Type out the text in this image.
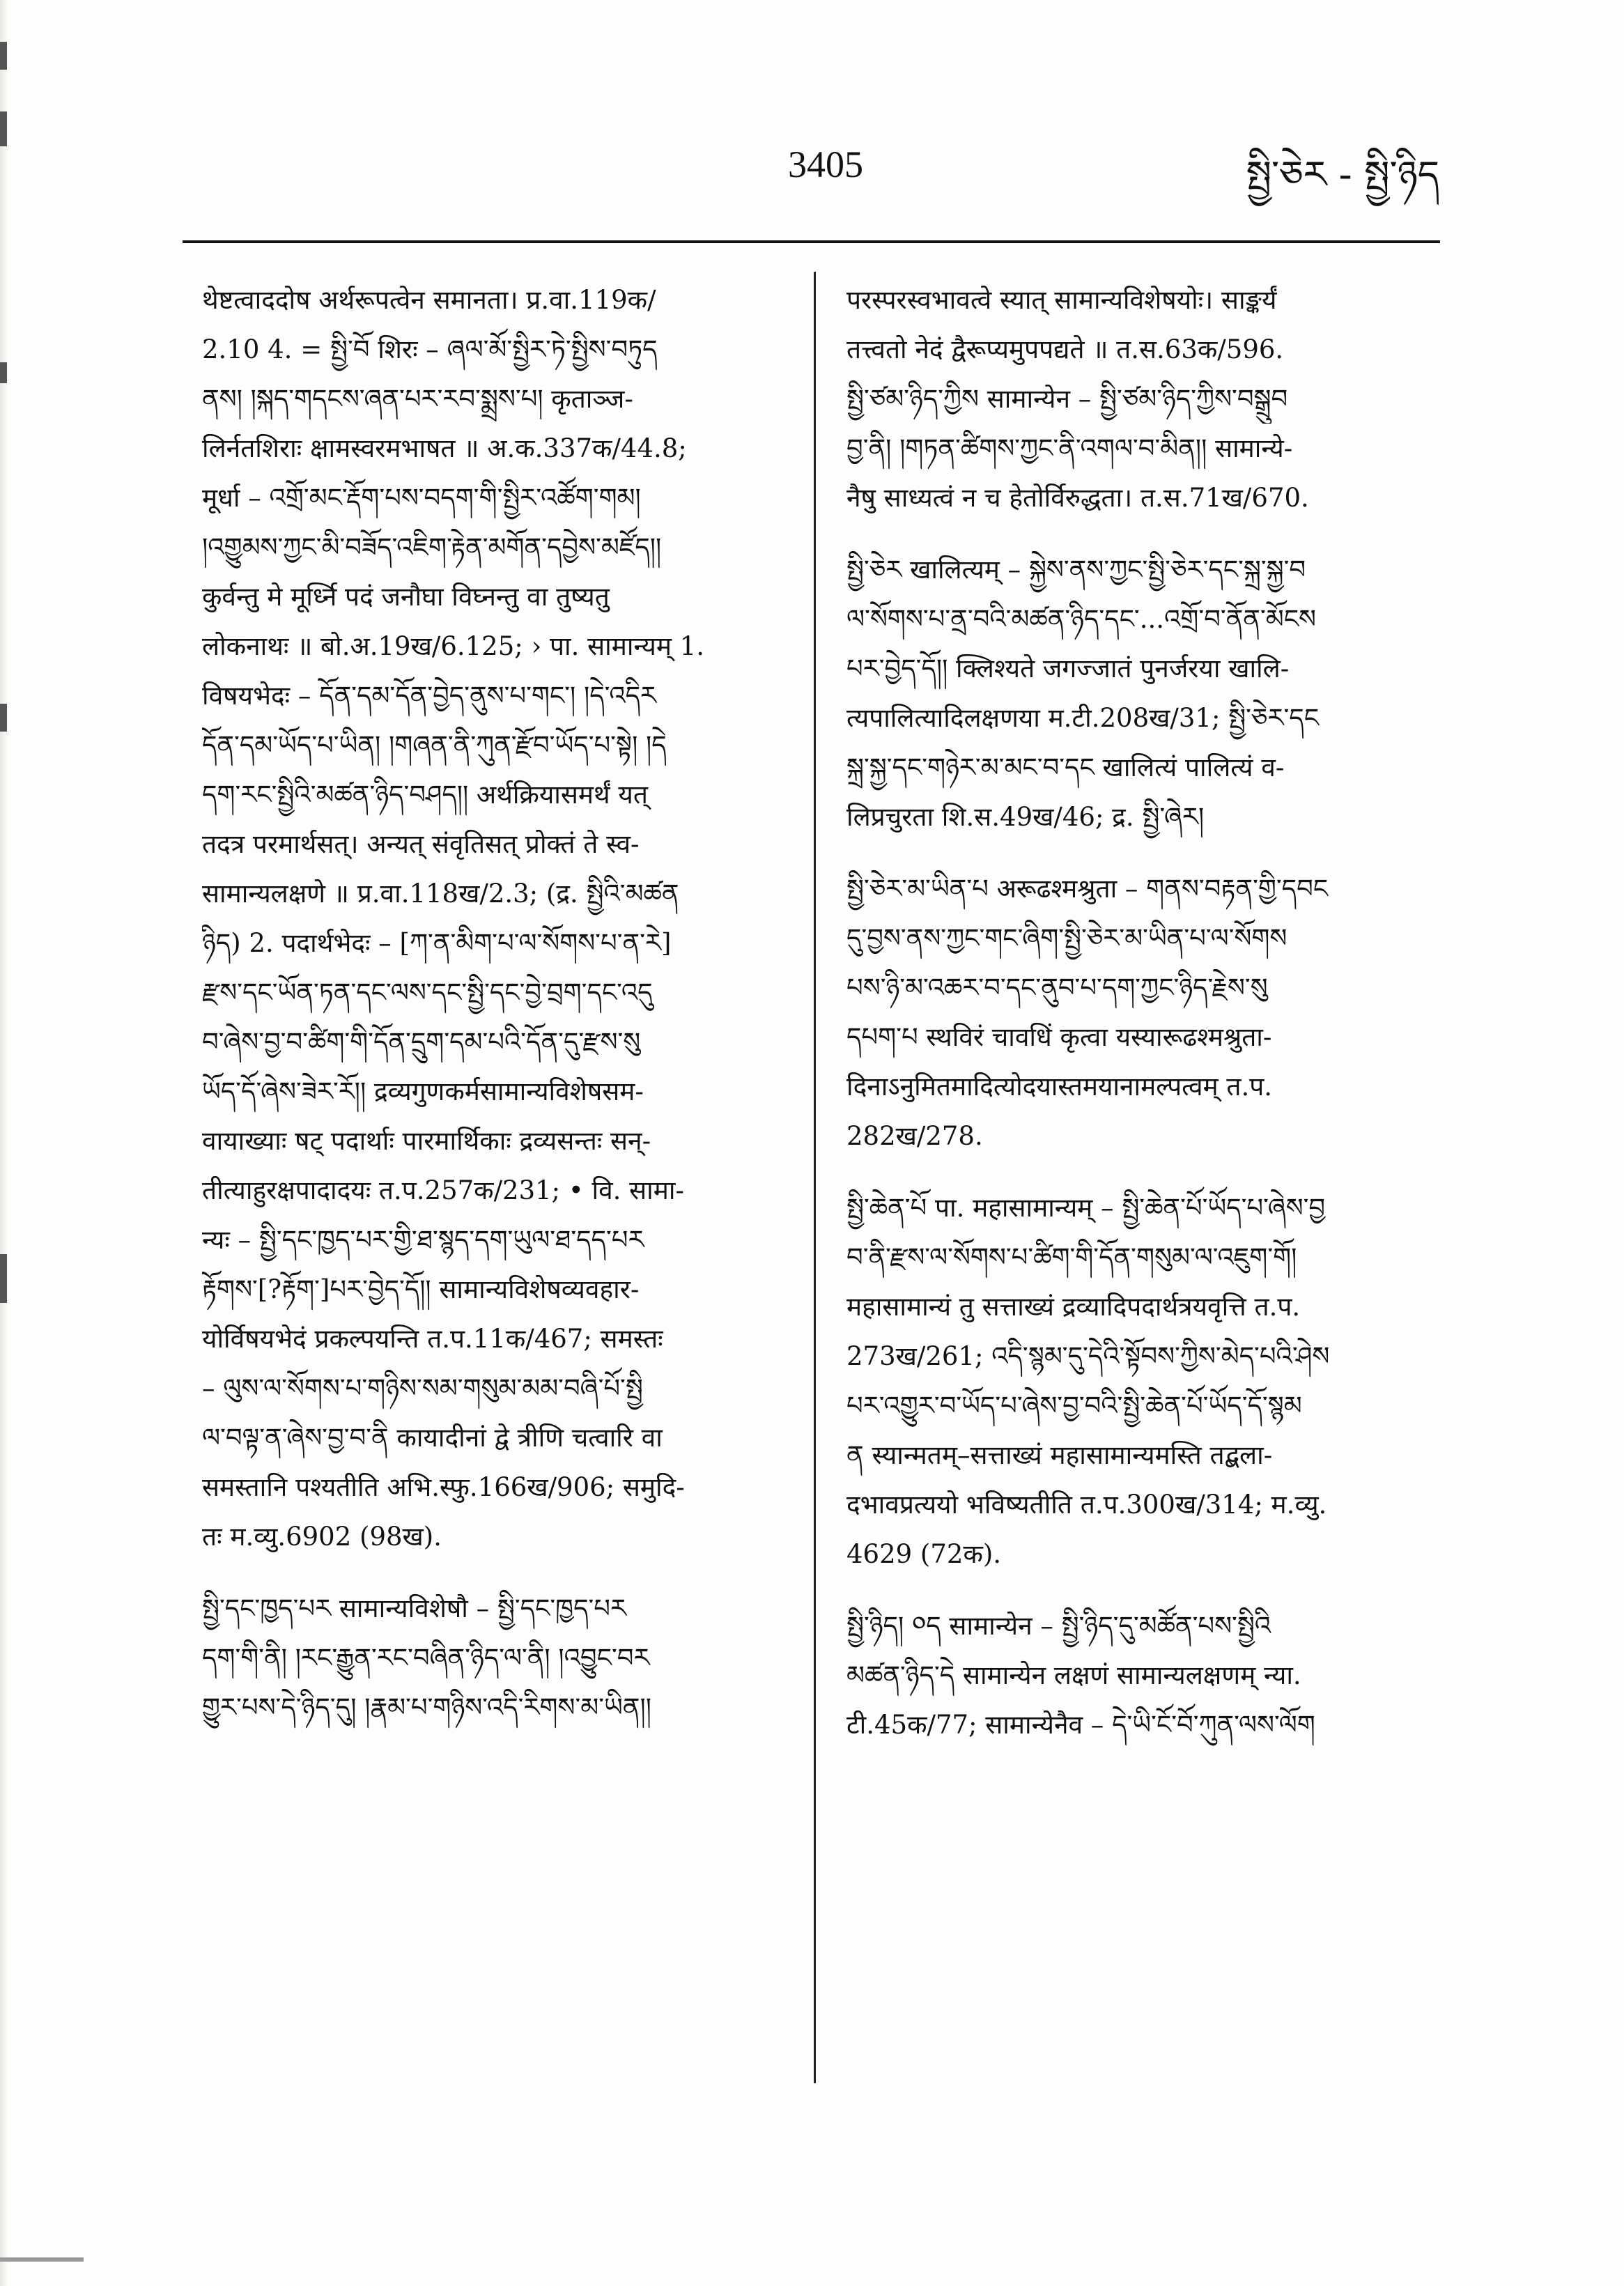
3405	སྤྱི་ཅེར - སྤྱི་ཉིད
थेष्टत्वाददोष अर्थरूपत्वेन समानता। प्र.वा.119क/
2.10 4. = སྤྱི་བོ शिरः – ཞལ་མོ་སྤྱིར་ཏེ་སྤྱིས་བཏུད
ནས། །སྐད་གདངས་ཞན་པར་རབ་སྨྲས་པ། कृताञ्ज-
लिर्नतशिराः क्षामस्वरमभाषत ॥ अ.क.337क/44.8;
मूर्धा – འགྲོ་མང་རྡོག་པས་བདག་གི་སྤྱིར་འཚོག་གམ།
།འགྱུམས་ཀྱང་མི་བཟོད་འཇིག་རྟེན་མགོན་དབྱེས་མཛོད།།
कुर्वन्तु मे मूर्ध्नि पदं जनौघा विघ्नन्तु वा तुष्यतु
लोकनाथः ॥ बो.अ.19ख/6.125; › पा. सामान्यम् 1.
विषयभेदः – དོན་དམ་དོན་བྱེད་ནུས་པ་གང་། །དེ་འདིར
དོན་དམ་ཡོད་པ་ཡིན། །གཞན་ནི་ཀུན་རྫོབ་ཡོད་པ་སྟེ། །དེ
དག་རང་སྤྱིའི་མཚན་ཉིད་བཤད།། अर्थक्रियासमर्थं यत्
तदत्र परमार्थसत्। अन्यत् संवृतिसत् प्रोक्तं ते स्व-
सामान्यलक्षणे ॥ प्र.वा.118ख/2.3; (द्र. སྤྱིའི་མཚན
ཉིད) 2. पदार्थभेदः – [ཀ་ན་མིག་པ་ལ་སོགས་པ་ན་རེ]
རྫས་དང་ཡོན་ཏན་དང་ལས་དང་སྤྱི་དང་བྱེ་བྲག་དང་འདུ
བ་ཞེས་བྱ་བ་ཚིག་གི་དོན་དྲུག་དམ་པའི་དོན་དུ་རྫས་སུ
ཡོད་དོ་ཞེས་ཟེར་རོ།། द्रव्यगुणकर्मसामान्यविशेषसम-
वायाख्याः षट् पदार्थाः पारमार्थिकाः द्रव्यसन्तः सन्-
तीत्याहुरक्षपादादयः त.प.257क/231; • वि. सामा-
न्यः – སྤྱི་དང་ཁྱད་པར་གྱི་ཐ་སྙད་དག་ཡུལ་ཐ་དད་པར
རྟོགས་[?རྟོག་]པར་བྱེད་དོ།། सामान्यविशेषव्यवहार-
योर्विषयभेदं प्रकल्पयन्ति त.प.11क/467; समस्तः
– ལུས་ལ་སོགས་པ་གཉིས་སམ་གསུམ་མམ་བཞི་པོ་སྤྱི
ལ་བལྟ་ན་ཞེས་བྱ་བ་ནི कायादीनां द्वे त्रीणि चत्वारि वा
समस्तानि पश्यतीति अभि.स्फु.166ख/906; समुदि-
तः म.व्यु.6902 (98ख).
སྤྱི་དང་ཁྱད་པར सामान्यविशेषौ – སྤྱི་དང་ཁྱད་པར
དག་གི་ནི། །རང་རྒྱུན་རང་བཞིན་ཉིད་ལ་ནི། །འབྱུང་བར
གྱུར་པས་དེ་ཉིད་དུ། །རྣམ་པ་གཉིས་འདི་རིགས་མ་ཡིན།།
परस्परस्वभावत्वे स्यात् सामान्यविशेषयोः। साङ्कर्यं
तत्त्वतो नेदं द्वैरूप्यमुपपद्यते ॥ त.स.63क/596.
སྤྱི་ཙམ་ཉིད་ཀྱིས सामान्येन – སྤྱི་ཙམ་ཉིད་ཀྱིས་བསྒྲུབ
བྱ་ནི། །གཏན་ཚིགས་ཀྱང་ནི་འགལ་བ་མིན།། सामान्ये-
नैषु साध्यत्वं न च हेतोर्विरुद्धता। त.स.71ख/670.
སྤྱི་ཅེར खालित्यम् – སྐྱེས་ནས་ཀྱང་སྤྱི་ཅེར་དང་སྐྲ་སྐྱ་བ
ལ་སོགས་པ་ནྲ་བའི་མཚན་ཉིད་དང་...འགྲོ་བ་ནོན་མོངས
པར་བྱེད་དོ།། क्लिश्यते जगज्जातं पुनर्जरया खालि-
त्यपालित्यादिलक्षणया म.टी.208ख/31; སྤྱི་ཅེར་དང
སྐྲ་སྐྱ་དང་གཉེར་མ་མང་བ་དང खालित्यं पालित्यं व-
लिप्रचुरता शि.स.49ख/46; द्र. སྤྱི་ཞེར།
སྤྱི་ཅེར་མ་ཡིན་པ अरूढश्मश्रुता – གནས་བརྟན་གྱི་དབང
དུ་བྱས་ནས་ཀྱང་གང་ཞིག་སྤྱི་ཅེར་མ་ཡིན་པ་ལ་སོགས
པས་ཉི་མ་འཆར་བ་དང་ནུབ་པ་དག་ཀྱང་ཉིད་རྗེས་སུ
དཔག་པ स्थविरं चावधिं कृत्वा यस्यारूढश्मश्रुता-
दिनाऽनुमितमादित्योदयास्तमयानामल्पत्वम् त.प.
282ख/278.
སྤྱི་ཆེན་པོ पा. महासामान्यम् – སྤྱི་ཆེན་པོ་ཡོད་པ་ཞེས་བྱ
བ་ནི་རྫས་ལ་སོགས་པ་ཚིག་གི་དོན་གསུམ་ལ་འཇུག་གོ།
महासामान्यं तु सत्ताख्यं द्रव्यादिपदार्थत्रयवृत्ति त.प.
273ख/261; འདི་སྙམ་དུ་དེའི་སྟོབས་ཀྱིས་མེད་པའི་ཤེས
པར་འགྱུར་བ་ཡོད་པ་ཞེས་བྱ་བའི་སྤྱི་ཆེན་པོ་ཡོད་དོ་སྙམ
ན स्यान्मतम्–सत्ताख्यं महासामान्यमस्ति तद्बला-
दभावप्रत्ययो भविष्यतीति त.प.300ख/314; म.व्यु.
4629 (72क).
སྤྱི་ཉིད། ༠ད सामान्येन – སྤྱི་ཉིད་དུ་མཚོན་པས་སྤྱིའི
མཚན་ཉིད་དེ सामान्येन लक्षणं सामान्यलक्षणम् न्या.
टी.45क/77; सामान्येनैव – དེ་ཡི་ངོ་བོ་ཀུན་ལས་ལོག
